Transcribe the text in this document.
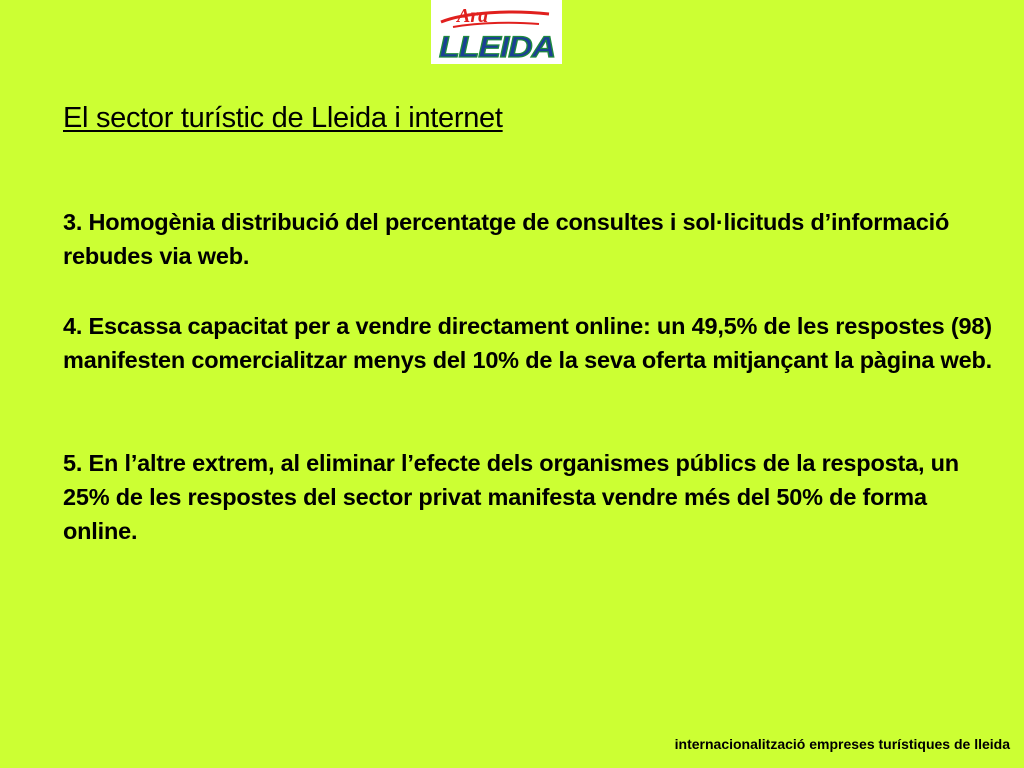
Ara
LLEIDA
El sector turístic de Lleida i internet

3. Homogènia distribució del percentatge de consultes i sol·licituds d’informació rebudes via web.

4. Escassa capacitat per a vendre directament online: un 49,5% de les respostes (98) manifesten comercialitzar menys del 10% de la seva oferta mitjançant la pàgina web.

5. En l’altre extrem, al eliminar l’efecte dels organismes públics de la resposta, un 25% de les respostes del sector privat manifesta vendre més del 50% de forma online.

internacionalització empreses turístiques de lleida
